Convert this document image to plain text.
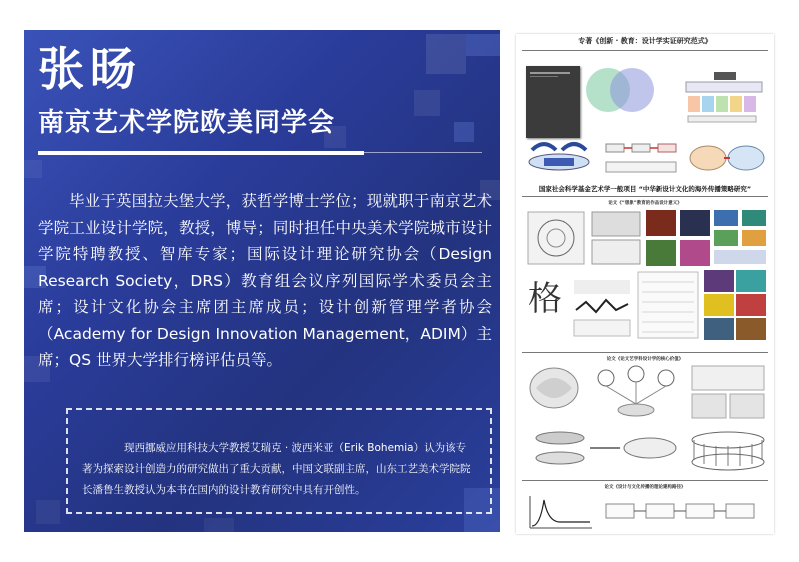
张旸
南京艺术学院欧美同学会

毕业于英国拉夫堡大学，获哲学博士学位；现就职于南京艺术学院工业设计学院，教授，博导；同时担任中央美术学院城市设计学院特聘教授、智库专家；国际设计理论研究协会（Design Research Society，DRS）教育组会议序列国际学术委员会主席；设计文化协会主席团主席成员；设计创新管理学者协会（Academy for Design Innovation Management，ADIM）主席；QS 世界大学排行榜评估员等。

现西挪威应用科技大学教授艾瑞克 · 波西米亚（Erik Bohemia）认为该专著为探索设计创造力的研究做出了重大贡献，中国文联副主席，山东工艺美术学院院长潘鲁生教授认为本书在国内的设计教育研究中具有开创性。

专著《创新 · 教育：设计学实证研究范式》
国家社会科学基金艺术学一般项目 “中华新设计文化的海外传播策略研究”
论文《“想象”教育的作品设计意义》
格
论文《论文艺学科设计学的核心价值》
论文《设计与文化传播的理论建构路径》
